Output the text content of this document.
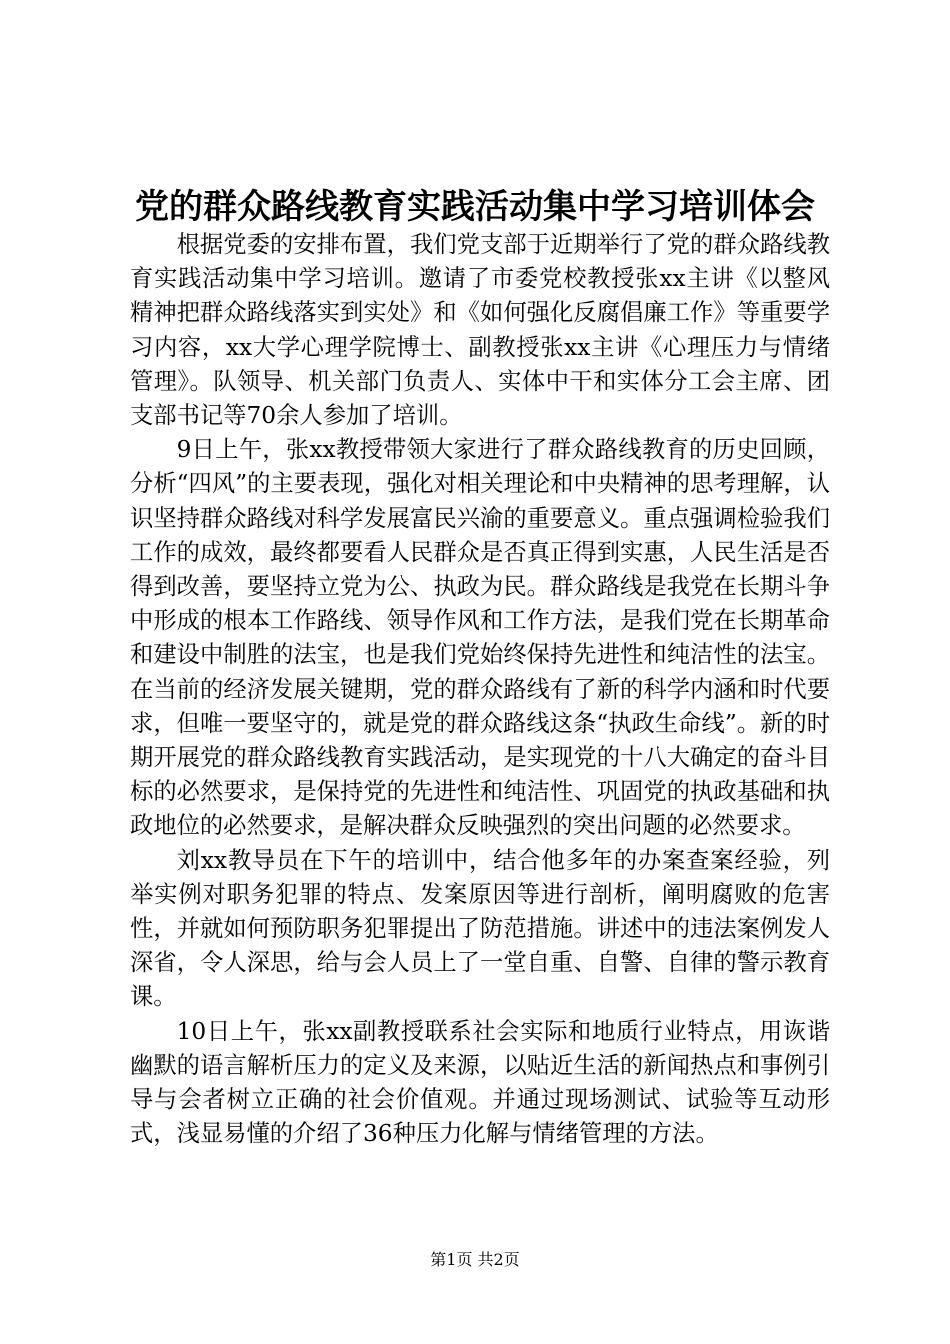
党的群众路线教育实践活动集中学习培训体会

根据党委的安排布置，我们党支部于近期举行了党的群众路线教育实践活动集中学习培训。邀请了市委党校教授张xx主讲《以整风精神把群众路线落实到实处》和《如何强化反腐倡廉工作》等重要学习内容，xx大学心理学院博士、副教授张xx主讲《心理压力与情绪管理》。队领导、机关部门负责人、实体中干和实体分工会主席、团支部书记等70余人参加了培训。

9日上午，张xx教授带领大家进行了群众路线教育的历史回顾，分析“四风”的主要表现，强化对相关理论和中央精神的思考理解，认识坚持群众路线对科学发展富民兴渝的重要意义。重点强调检验我们工作的成效，最终都要看人民群众是否真正得到实惠，人民生活是否得到改善，要坚持立党为公、执政为民。群众路线是我党在长期斗争中形成的根本工作路线、领导作风和工作方法，是我们党在长期革命和建设中制胜的法宝，也是我们党始终保持先进性和纯洁性的法宝。在当前的经济发展关键期，党的群众路线有了新的科学内涵和时代要求，但唯一要坚守的，就是党的群众路线这条“执政生命线”。新的时期开展党的群众路线教育实践活动，是实现党的十八大确定的奋斗目标的必然要求，是保持党的先进性和纯洁性、巩固党的执政基础和执政地位的必然要求，是解决群众反映强烈的突出问题的必然要求。

刘xx教导员在下午的培训中，结合他多年的办案查案经验，列举实例对职务犯罪的特点、发案原因等进行剖析，阐明腐败的危害性，并就如何预防职务犯罪提出了防范措施。讲述中的违法案例发人深省，令人深思，给与会人员上了一堂自重、自警、自律的警示教育课。

10日上午，张xx副教授联系社会实际和地质行业特点，用诙谐幽默的语言解析压力的定义及来源，以贴近生活的新闻热点和事例引导与会者树立正确的社会价值观。并通过现场测试、试验等互动形式，浅显易懂的介绍了36种压力化解与情绪管理的方法。

第1页 共2页
